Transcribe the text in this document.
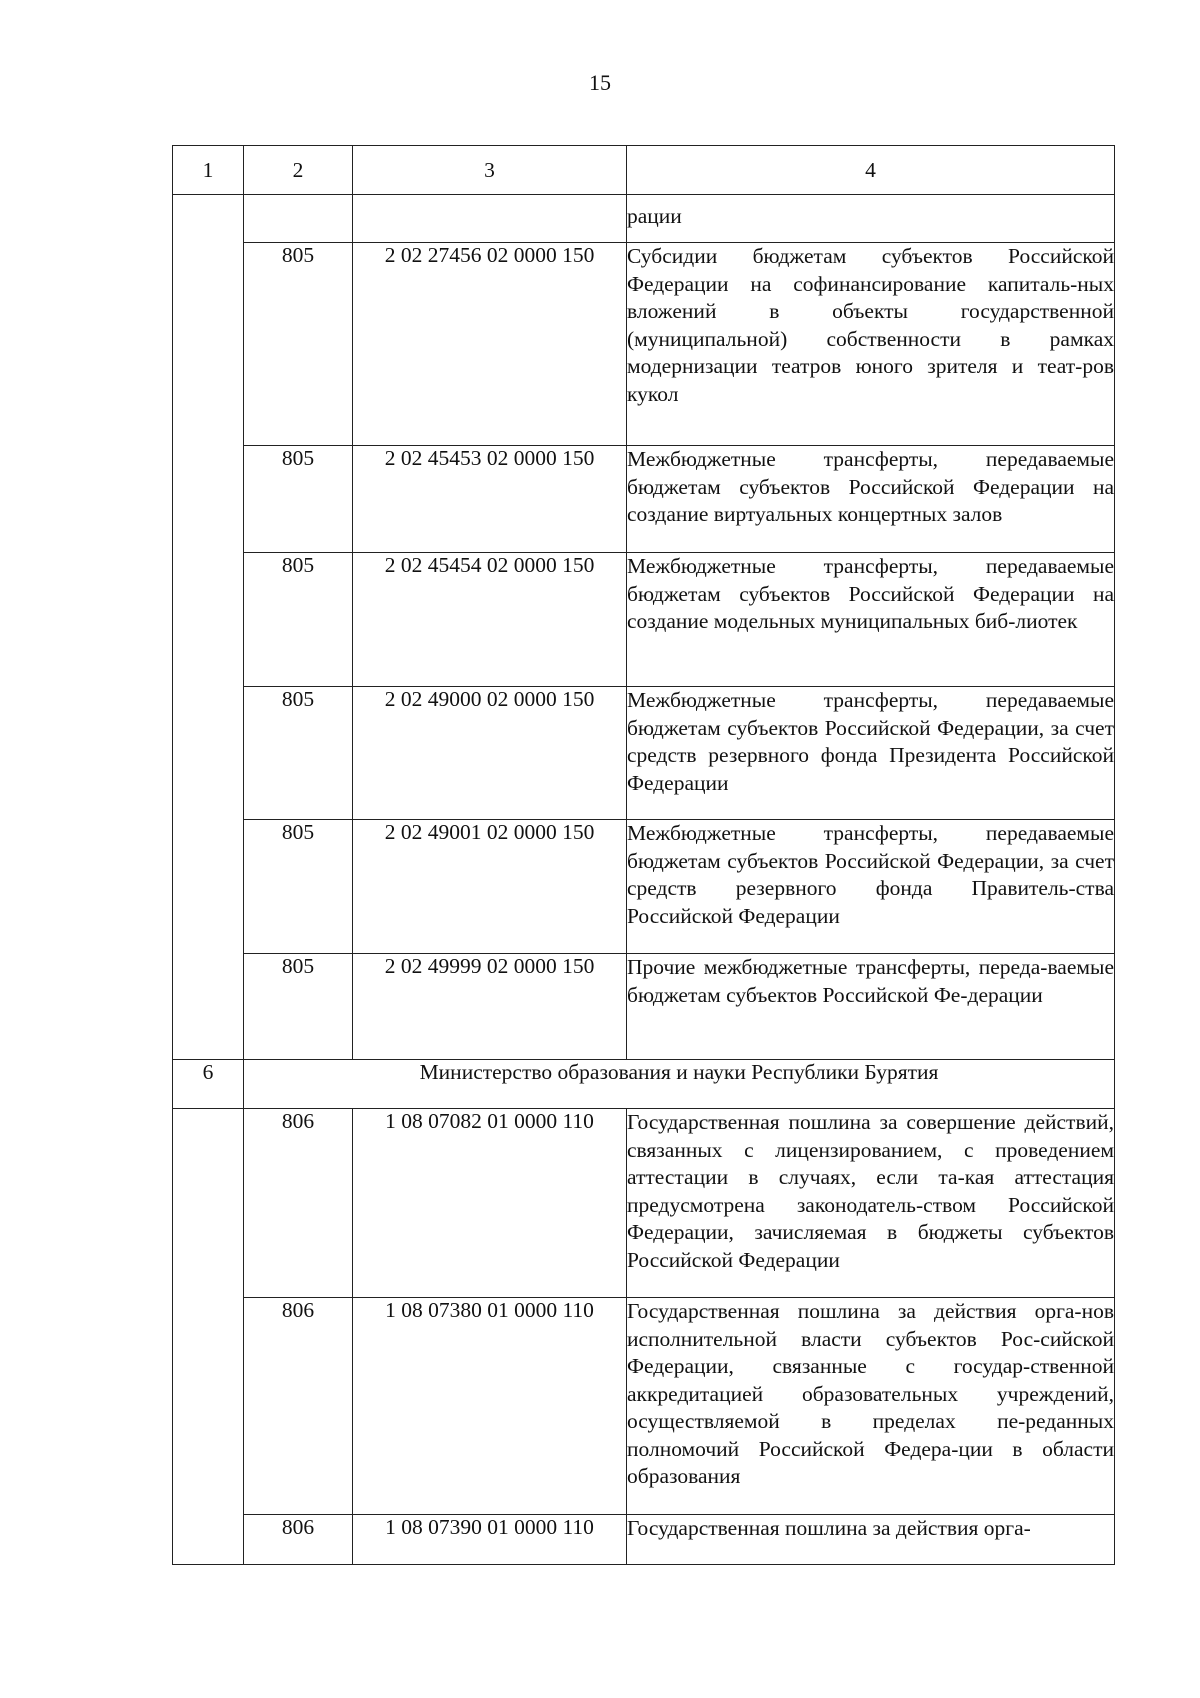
15
1	2	3	4
			рации
	805	2 02 27456 02 0000 150	Субсидии бюджетам субъектов Российской Федерации на софинансирование капиталь-ных вложений в объекты государственной (муниципальной) собственности в рамках модернизации театров юного зрителя и теат-ров кукол
	805	2 02 45453 02 0000 150	Межбюджетные трансферты, передаваемые бюджетам субъектов Российской Федерации на создание виртуальных концертных залов
	805	2 02 45454 02 0000 150	Межбюджетные трансферты, передаваемые бюджетам субъектов Российской Федерации на создание модельных муниципальных биб-лиотек
	805	2 02 49000 02 0000 150	Межбюджетные трансферты, передаваемые бюджетам субъектов Российской Федерации, за счет средств резервного фонда Президента Российской Федерации
	805	2 02 49001 02 0000 150	Межбюджетные трансферты, передаваемые бюджетам субъектов Российской Федерации, за счет средств резервного фонда Правитель-ства Российской Федерации
	805	2 02 49999 02 0000 150	Прочие межбюджетные трансферты, переда-ваемые бюджетам субъектов Российской Фе-дерации
6	Министерство образования и науки Республики Бурятия		
	806	1 08 07082 01 0000 110	Государственная пошлина за совершение действий, связанных с лицензированием, с проведением аттестации в случаях, если та-кая аттестация предусмотрена законодатель-ством Российской Федерации, зачисляемая в бюджеты субъектов Российской Федерации
	806	1 08 07380 01 0000 110	Государственная пошлина за действия орга-нов исполнительной власти субъектов Рос-сийской Федерации, связанные с государ-ственной аккредитацией образовательных учреждений, осуществляемой в пределах пе-реданных полномочий Российской Федера-ции в области образования
	806	1 08 07390 01 0000 110	Государственная пошлина за действия орга-
